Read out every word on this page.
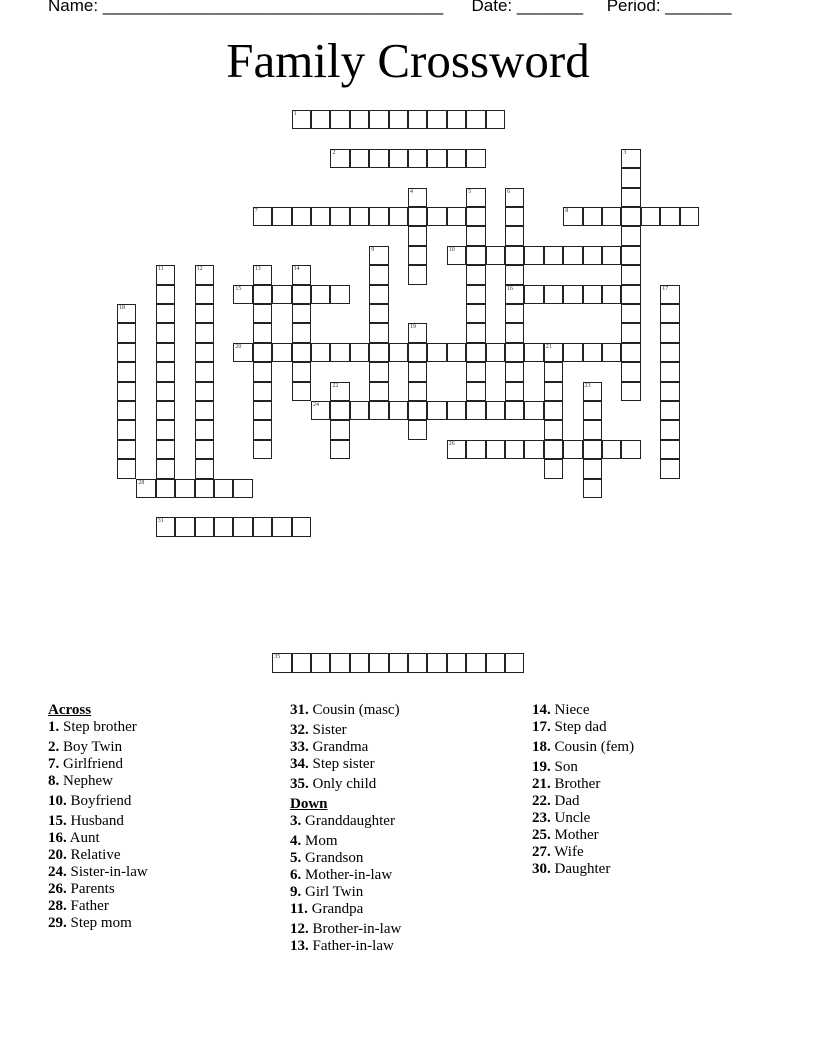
Name: ____________________________________ Date: _______ Period: _______
Family Crossword
1
2	3
4	5	6
16
7	8
9	10
11	12	13	14
15	17
18
19
20	21
22	23
24
26
28
31
35
Across
1. Step brother
2. Boy Twin
7. Girlfriend
8. Nephew
10. Boyfriend
15. Husband
16. Aunt
20. Relative
24. Sister-in-law
26. Parents
28. Father
29. Step mom
31. Cousin (masc)
32. Sister
33. Grandma
34. Step sister
35. Only child
Down
3. Granddaughter
4. Mom
5. Grandson
6. Mother-in-law
9. Girl Twin
11. Grandpa
12. Brother-in-law
13. Father-in-law
14. Niece
17. Step dad
18. Cousin (fem)
19. Son
21. Brother
22. Dad
23. Uncle
25. Mother
27. Wife
30. Daughter
